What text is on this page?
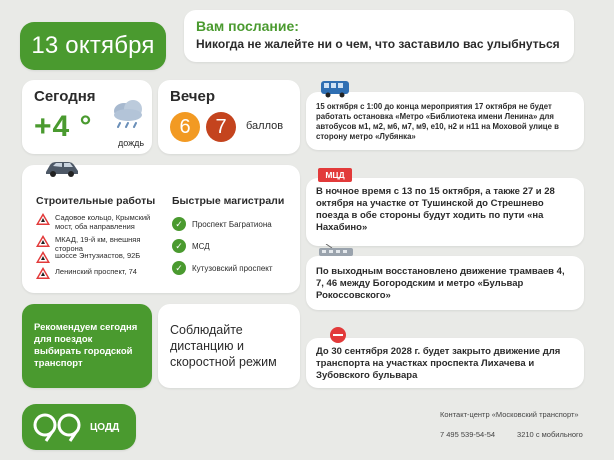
13 октября
Вам послание:
Никогда не жалейте ни о чем, что заставило вас улыбнуться
Сегодня
+4 °	дождь
Вечер
6	7	баллов
Строительные работы Быстрые магистрали
Садовое кольцо, Крымский мост, оба направления
МКАД, 19-й км, внешняя сторона
шоссе Энтузиастов, 92Б
Ленинский проспект, 74
✓	Проспект Багратиона
✓	МСД
✓	Кутузовский проспект
Рекомендуем сегодня для поездок выбирать городской транспорт
Соблюдайте дистанцию и скоростной режим
15 октября с 1:00 до конца мероприятия 17 октября не будет работать остановка «Метро «Библиотека имени Ленина» для автобусов м1, м2, м6, м7, м9, е10, н2 и н11 на Моховой улице в сторону метро «Лубянка»
В ночное время с 13 по 15 октября, а также 27 и 28 октября на участке от Тушинской до Стрешнево поезда в обе стороны будут ходить по пути «на Нахабино»
МЦД
По выходным восстановлено движение трамваев 4, 7, 46 между Богородским и метро «Бульвар Рокоссовского»
До 30 сентября 2028 г. будет закрыто движение для транспорта на участках проспекта Лихачева и Зубовского бульвара
ЦОДД
Контакт-центр «Московский транспорт»
7 495 539-54-54	3210 с мобильного
